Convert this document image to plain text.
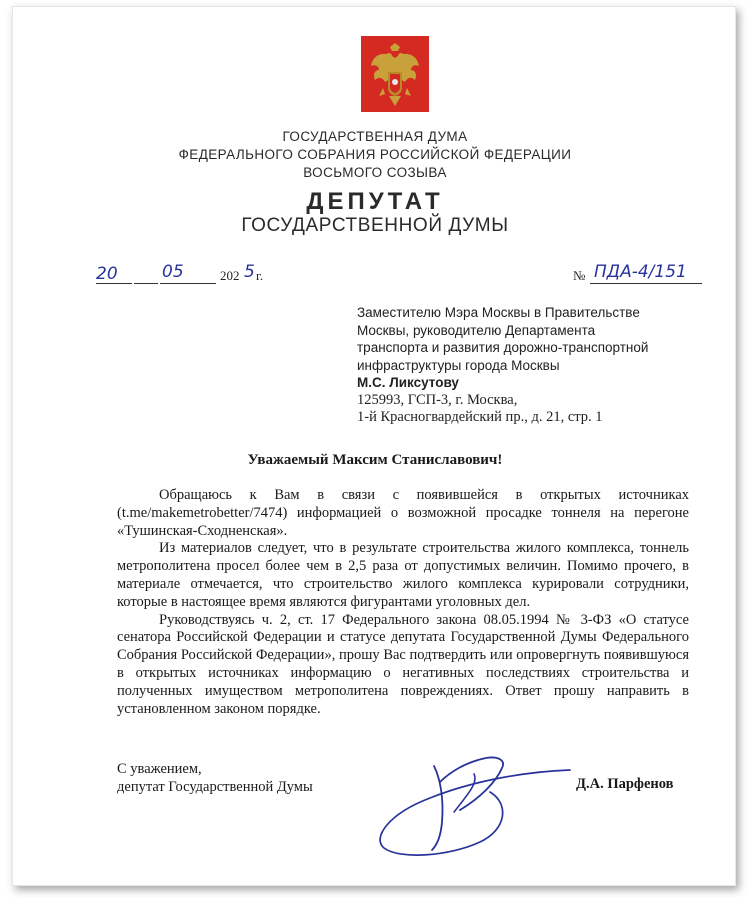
ГОСУДАРСТВЕННАЯ ДУМА
ФЕДЕРАЛЬНОГО СОБРАНИЯ РОССИЙСКОЙ ФЕДЕРАЦИИ
ВОСЬМОГО СОЗЫВА
ДЕПУТАТ
ГОСУДАРСТВЕННОЙ ДУМЫ
20	05	202 5 г.	№ ПДА-4/151
Заместителю Мэра Москвы в Правительстве
Москвы, руководителю Департамента
транспорта и развития дорожно-транспортной
инфраструктуры города Москвы
М.С. Ликсутову
125993, ГСП-3, г. Москва,
1-й Красногвардейский пр., д. 21, стр. 1
Уважаемый Максим Станиславович!

Обращаюсь к Вам в связи с появившейся в открытых источниках (t.me/makemetrobetter/7474) информацией о возможной просадке тоннеля на перегоне «Тушинская-Сходненская».

Из материалов следует, что в результате строительства жилого комплекса, тоннель метрополитена просел более чем в 2,5 раза от допустимых величин. Помимо прочего, в материале отмечается, что строительство жилого комплекса курировали сотрудники, которые в настоящее время являются фигурантами уголовных дел.

Руководствуясь ч. 2, ст. 17 Федерального закона 08.05.1994 № 3-ФЗ «О статусе сенатора Российской Федерации и статусе депутата Государственной Думы Федерального Собрания Российской Федерации», прошу Вас подтвердить или опровергнуть появившуюся в открытых источниках информацию о негативных последствиях строительства и полученных имуществом метрополитена повреждениях. Ответ прошу направить в установленном законом порядке.

С уважением,
депутат Государственной Думы	Д.А. Парфенов
